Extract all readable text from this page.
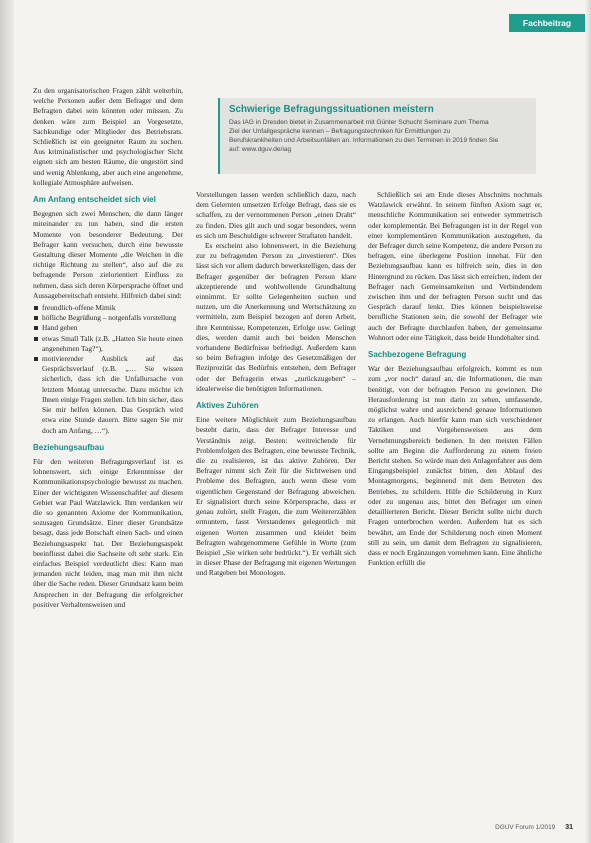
Fachbeitrag

Zu den organisatorischen Fragen zählt weiterhin, welche Personen außer dem Befrager und dem Befragten dabei sein könnten oder müssen. Zu denken wäre zum Beispiel an Vorgesetzte, Sachkundige oder Mitglieder des Betriebsrats. Schließlich ist ein geeigneter Raum zu suchen. Aus kriminalistischer und psychologischer Sicht eignen sich am besten Räume, die ungestört sind und wenig Ablenkung, aber auch eine angenehme, kollegiale Atmosphäre aufweisen.

Am Anfang entscheidet sich viel

Begegnen sich zwei Menschen, die dann länger miteinander zu tun haben, sind die ersten Momente von besonderer Bedeutung. Der Befrager kann versuchen, durch eine bewusste Gestaltung dieser Momente „die Weichen in die richtige Richtung zu stellen“, also auf die zu befragende Person zielorientiert Einfluss zu nehmen, dass sich deren Körpersprache öffnet und Aussagebereitschaft entsteht. Hilfreich dabei sind:

freundlich-offene Mimik
höfliche Begrüßung – notgenfalls vorstellung
Hand geben
etwas Small Talk (z.B. „Hatten Sie heute einen angenehmen Tag?“),
motivierender Ausblick auf das Gesprächsverlauf (z.B. „… Sie wissen sicherlich, dass ich die Unfallursache von letztem Montag untersuche. Dazu möchte ich Ihnen einige Fragen stellen. Ich bin sicher, dass Sie mir helfen können. Das Gespräch wird etwa eine Stunde dauern. Bitte sagen Sie mir doch am Anfang, …“).
Beziehungsaufbau

Für den weiteren Befragungsverlauf ist es lohnenswert, sich einige Erkenntnisse der Kommunikationspsychologie bewusst zu machen. Einer der wichtigsten Wissenschaftler auf diesem Gebiet war Paul Watzlawick. Ihm verdanken wir die so genannten Axiome der Kommunikation, sozusagen Grundsätze. Einer dieser Grundsätze besagt, dass jede Botschaft einen Sach- und einen Beziehungsaspekt hat. Der Beziehungsaspekt beeinflusst dabei die Sachseite oft sehr stark. Ein einfaches Beispiel verdeutlicht dies: Kann man jemanden nicht leiden, mag man mit ihm nicht über die Sache reden. Dieser Grundsatz kann beim Ansprechen in der Befragung die erfolgreicher positiver Verhaltensweisen und

Schwierige Befragungssituationen meistern

Das IAG in Dresden bietet in Zusammenarbeit mit Günter Schucht Seminare zum Thema Ziel der Unfallgespräche kennen – Befragungstechniken für Ermittlungen zu Berufskrankheiten und Arbeitsunfällen an. Informationen zu den Terminen in 2019 finden Sie auf: www.dguv.de/iag

Vorstellungen lassen werden schließlich dazu, nach dem Gelernten umsetzen Erfolge Befragt, dass sie es schaffen, zu der vernommenen Person „einen Draht“ zu finden. Dies gilt auch und sogar besonders, wenn es sich um Beschuldigte schwerer Straftaten handelt.

Es erscheint also lohnenswert, in die Beziehung zur zu befragenden Person zu „investieren“. Dies lässt sich vor allem dadurch bewerkstelligen, dass der Befrager gegenüber der befragten Person klare akzeptierende und wohlwollende Grundhaltung einnimmt. Er sollte Gelegenheiten suchen und nutzen, um die Anerkennung und Wertschätzung zu vermitteln, zum Beispiel bezogen auf deren Arbeit, ihre Kenntnisse, Kompetenzen, Erfolge usw. Gelingt dies, werden damit auch bei beiden Menschen vorhandene Bedürfnisse befriedigt. Außerdem kann so beim Befragten infolge des Gesetzmäßigen der Reziprozität das Bedürfnis entstehen, dem Befrager oder der Befragerin etwas „zurückzugeben“ – idealerweise die benötigten Informationen.

Aktives Zuhören

Eine weitere Möglichkeit zum Beziehungsaufbau besteht darin, dass der Befrager Interesse und Verständnis zeigt. Besten: weitreichende für Problemfolgen des Befragten, eine bewusste Technik, die zu realisieren, ist das aktive Zuhören. Der Befrager nimmt sich Zeit für die Sichtweisen und Probleme des Befragten, auch wenn diese vom eigentlichen Gegenstand der Befragung abweichen. Er signalisiert durch seine Körpersprache, dass er genau zuhört, stellt Fragen, die zum Weitererzählen ermuntern, fasst Verstandenes gelegentlich mit eigenen Worten zusammen und kleidet beim Befragten wahrgenommene Gefühle in Worte (zum Beispiel „Sie wirken sehr bedrückt.“). Er verhält sich in dieser Phase der Befragung mit eigenen Wertungen und Ratgeben bei Monologen.

Schließlich sei am Ende dieses Abschnitts nochmals Watzlawick erwähnt. In seinem fünften Axiom sagt er, menschliche Kommunikation sei entweder symmetrisch oder komplementär. Bei Befragungen ist in der Regel von einer komplementären Kommunikation auszugehen, da der Befrager durch seine Kompetenz, die andere Person zu befragen, eine überlegene Position innehat. Für den Beziehungsaufbau kann es hilfreich sein, dies in den Hintergrund zu rücken. Das lässt sich erreichen, indem der Befrager nach Gemeinsamkeiten und Verbindendem zwischen ihm und der befragten Person sucht und das Gespräch darauf lenkt. Dies können beispielsweise berufliche Stationen sein, die sowohl der Befrager wie auch der Befragte durchlaufen haben, der gemeinsame Wohnort oder eine Tätigkeit, dass beide Hundehalter sind.

Sachbezogene Befragung

War der Beziehungsaufbau erfolgreich, kommt es nun zum „vor noch“ darauf an, die Informationen, die man benötigt, von der befragten Person zu gewinnen. Die Herausforderung ist nun darin zu sehen, umfassende, möglichst wahre und ausreichend genaue Informationen zu erlangen. Auch hierfür kann man sich verschiedener Taktiken und Vorgehensweisen aus dem Vernehmungsbereich bedienen. In den meisten Fällen sollte am Beginn die Aufforderung zu einem freien Bericht stehen. So würde man den Anlagenfahrer aus dem Eingangsbeispiel zunächst bitten, den Ablauf des Montagmorgens, beginnend mit dem Betreten des Betriebes, zu schildern. Hilfe die Schilderung in Kurz oder zu ungenau aus, bittet den Befrager um einen detaillierteren Bericht. Dieser Bericht sollte nicht durch Fragen unterbrochen werden. Außerdem hat es sich bewährt, am Ende der Schilderung noch einen Moment still zu sein, um damit dem Befragten zu signalisieren, dass er noch Ergänzungen vornehmen kann. Eine ähnliche Funktion erfüllt die

DGUV Forum 1/2019 31
